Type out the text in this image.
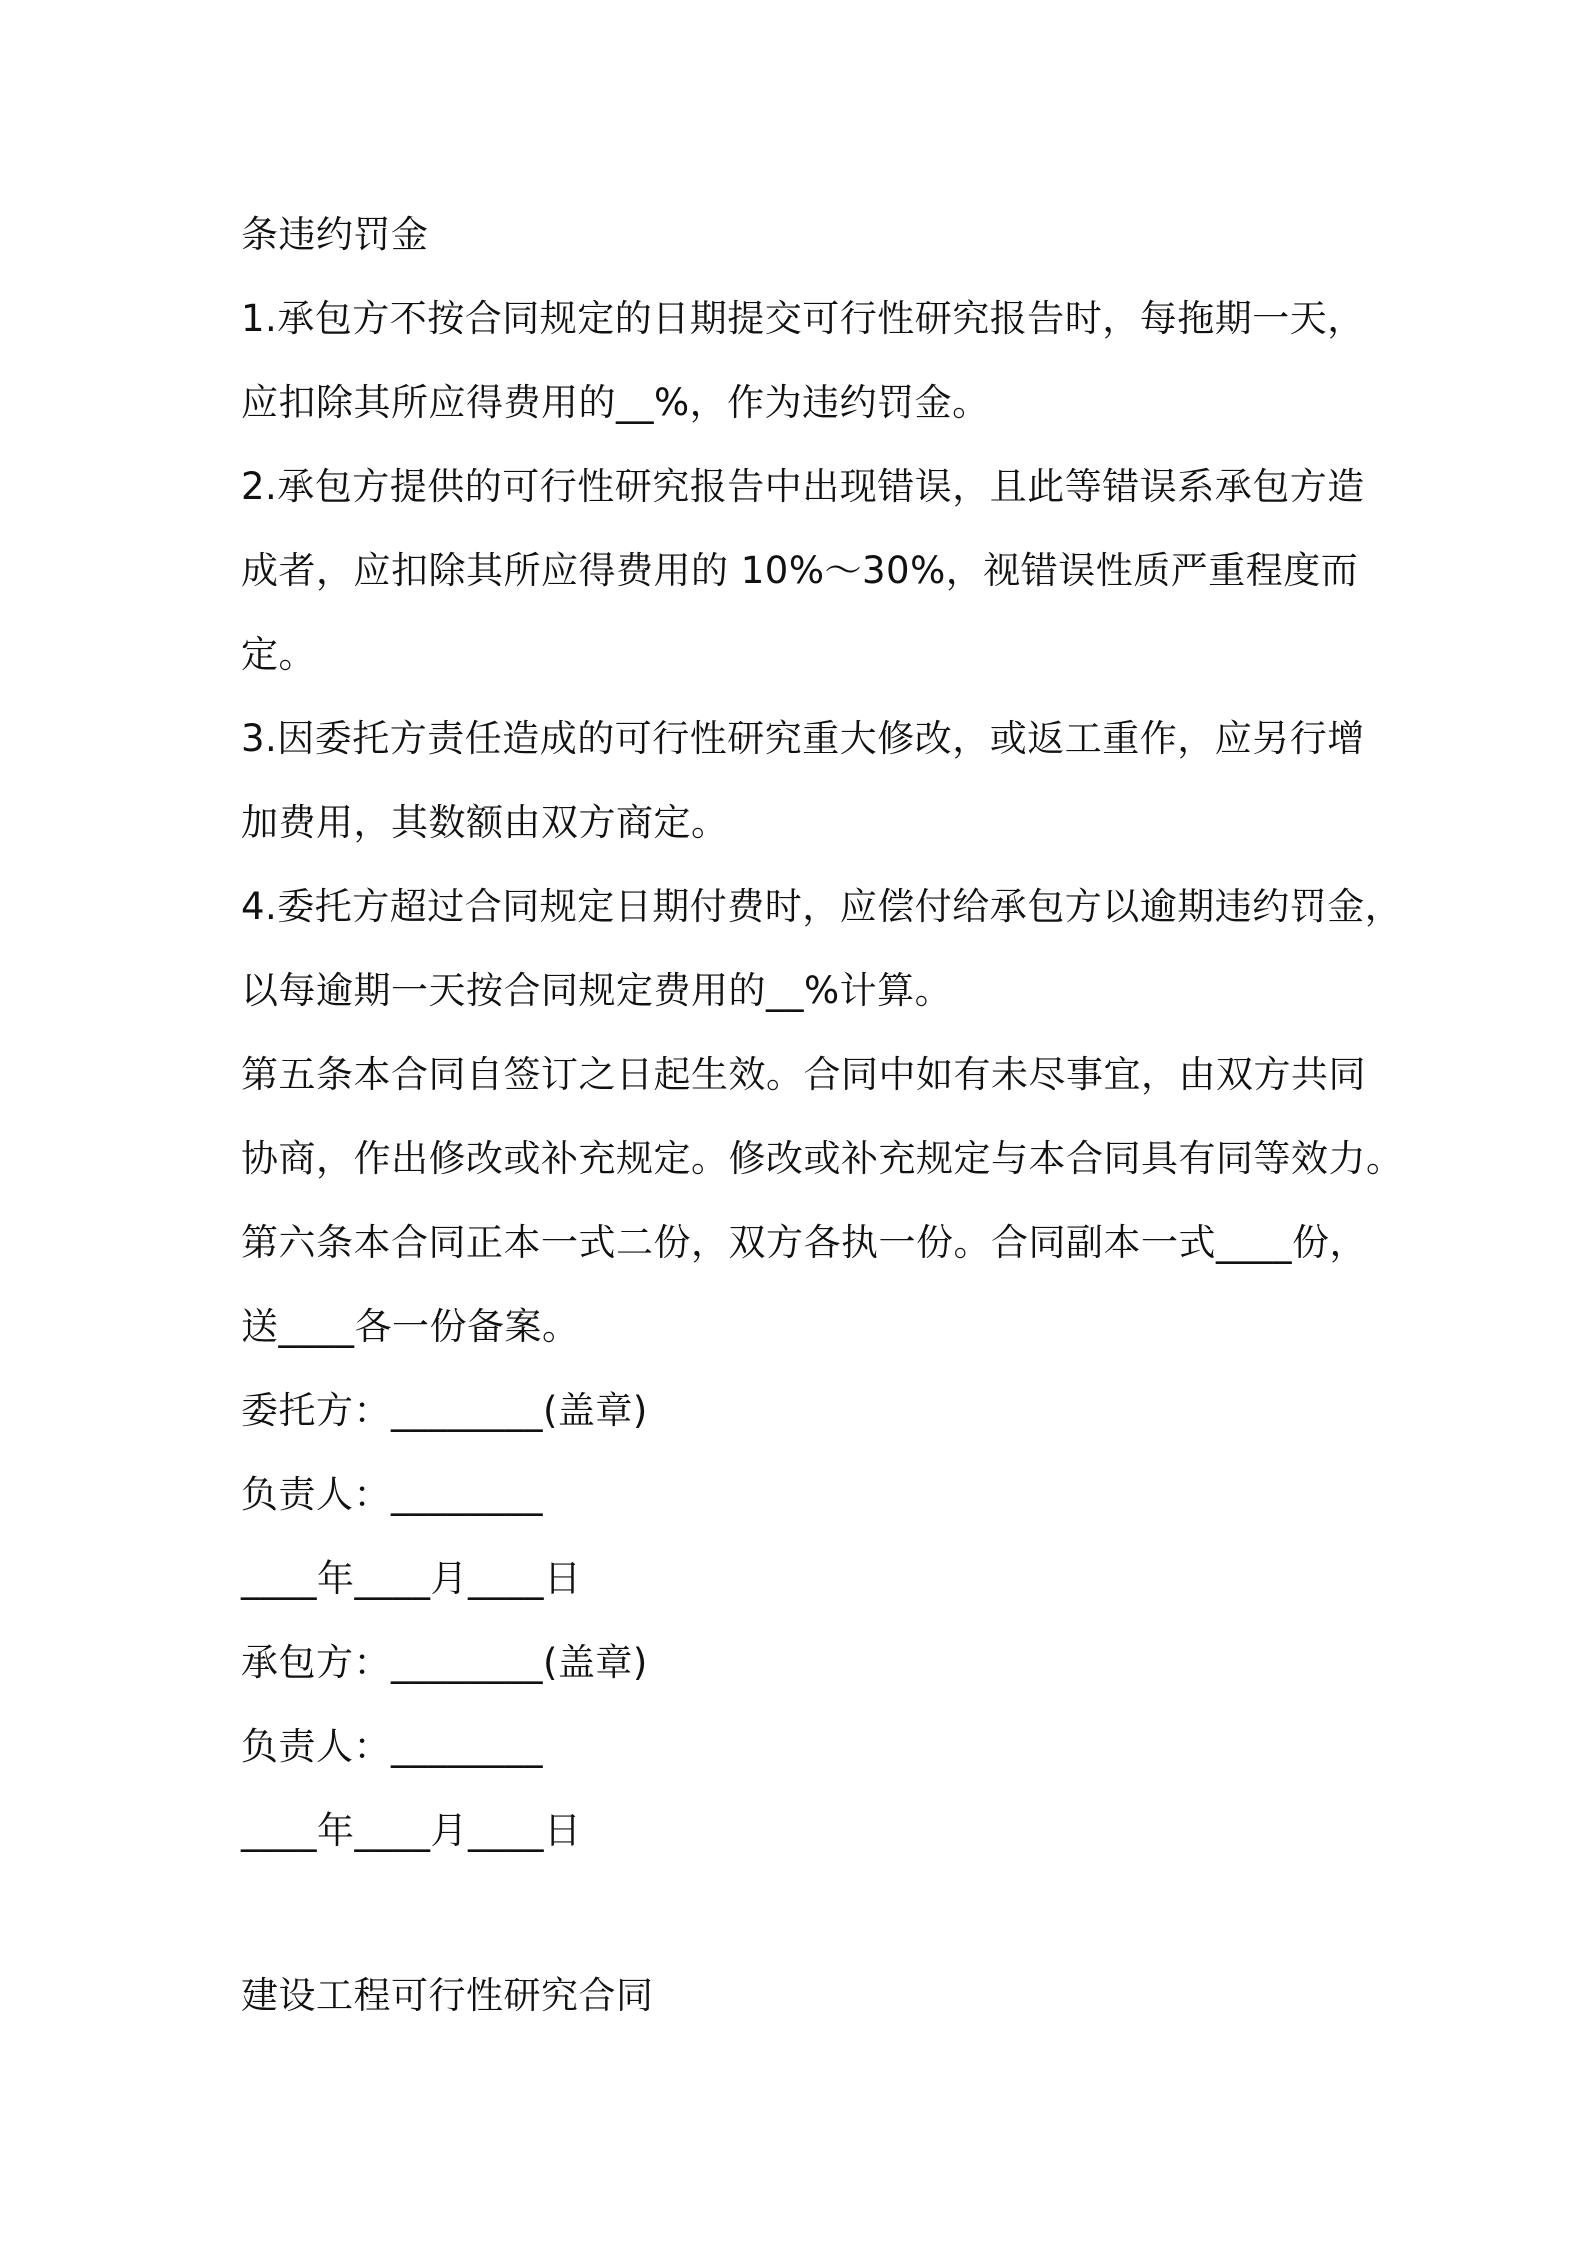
条违约罚金
1.承包方不按合同规定的日期提交可行性研究报告时，每拖期一天，
应扣除其所应得费用的__%，作为违约罚金。
2.承包方提供的可行性研究报告中出现错误，且此等错误系承包方造
成者，应扣除其所应得费用的 10%～30%，视错误性质严重程度而
定。
3.因委托方责任造成的可行性研究重大修改，或返工重作，应另行增
加费用，其数额由双方商定。
4.委托方超过合同规定日期付费时，应偿付给承包方以逾期违约罚金，
以每逾期一天按合同规定费用的__%计算。
第五条本合同自签订之日起生效。合同中如有未尽事宜，由双方共同
协商，作出修改或补充规定。修改或补充规定与本合同具有同等效力。
第六条本合同正本一式二份，双方各执一份。合同副本一式____份，
送____各一份备案。
委托方：________(盖章)
负责人：________
____年____月____日
承包方：________(盖章)
负责人：________
____年____月____日
建设工程可行性研究合同
